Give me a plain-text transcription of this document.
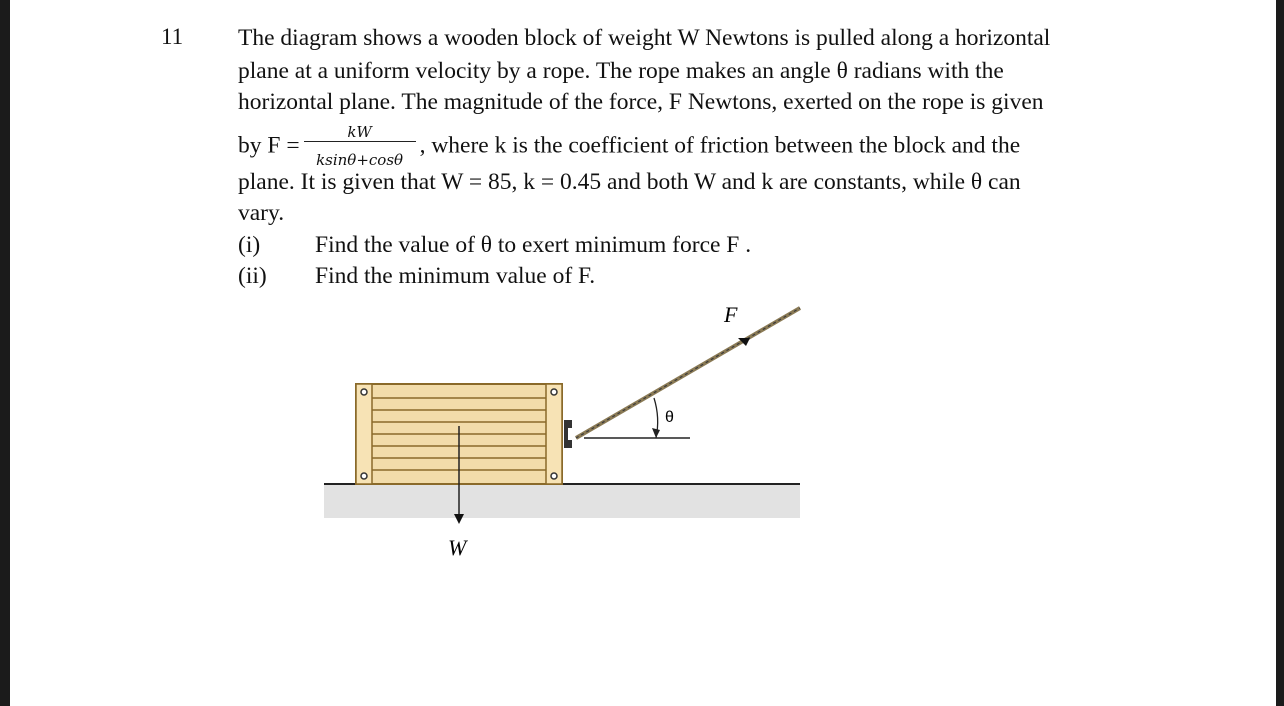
11 The diagram shows a wooden block of weight W Newtons is pulled along a horizontal
plane at a uniform velocity by a rope. The rope makes an angle θ radians with the
horizontal plane. The magnitude of the force, F Newtons, exerted on the rope is given
by $F = \frac{kW}{ksin\theta+\cos\theta}$ , where k is the coefficient of friction between the block and the
plane. It is given that W = 85, k = 0.45 and both W and k are constants, while θ can
vary.
(i) Find the value of θ to exert minimum force F .
(ii) Find the minimum value of F.
F
θ
W
